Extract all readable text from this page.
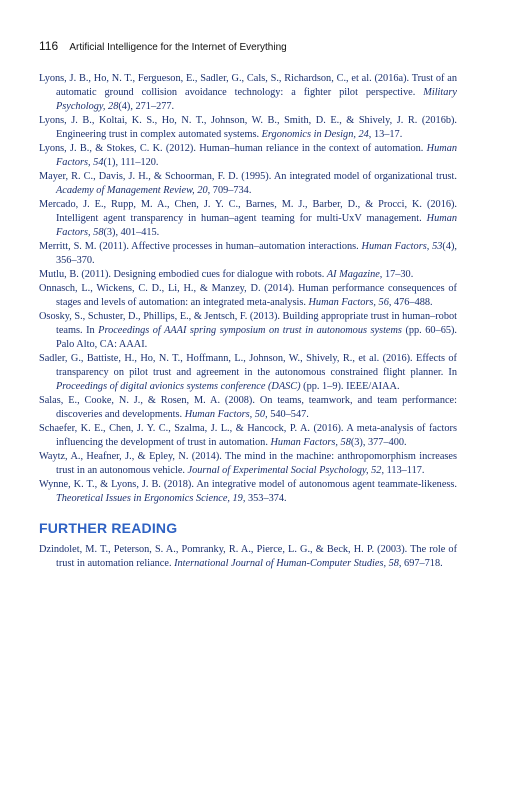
116 Artificial Intelligence for the Internet of Everything

Lyons, J. B., Ho, N. T., Fergueson, E., Sadler, G., Cals, S., Richardson, C., et al. (2016a). Trust of an automatic ground collision avoidance technology: a fighter pilot perspective. Military Psychology, 28(4), 271–277.

Lyons, J. B., Koltai, K. S., Ho, N. T., Johnson, W. B., Smith, D. E., & Shively, J. R. (2016b). Engineering trust in complex automated systems. Ergonomics in Design, 24, 13–17.

Lyons, J. B., & Stokes, C. K. (2012). Human–human reliance in the context of automation. Human Factors, 54(1), 111–120.

Mayer, R. C., Davis, J. H., & Schoorman, F. D. (1995). An integrated model of organizational trust. Academy of Management Review, 20, 709–734.

Mercado, J. E., Rupp, M. A., Chen, J. Y. C., Barnes, M. J., Barber, D., & Procci, K. (2016). Intelligent agent transparency in human–agent teaming for multi-UxV management. Human Factors, 58(3), 401–415.

Merritt, S. M. (2011). Affective processes in human–automation interactions. Human Factors, 53(4), 356–370.

Mutlu, B. (2011). Designing embodied cues for dialogue with robots. AI Magazine, 17–30.

Onnasch, L., Wickens, C. D., Li, H., & Manzey, D. (2014). Human performance consequences of stages and levels of automation: an integrated meta-analysis. Human Factors, 56, 476–488.

Ososky, S., Schuster, D., Phillips, E., & Jentsch, F. (2013). Building appropriate trust in human–robot teams. In Proceedings of AAAI spring symposium on trust in autonomous systems (pp. 60–65). Palo Alto, CA: AAAI.

Sadler, G., Battiste, H., Ho, N. T., Hoffmann, L., Johnson, W., Shively, R., et al. (2016). Effects of transparency on pilot trust and agreement in the autonomous constrained flight planner. In Proceedings of digital avionics systems conference (DASC) (pp. 1–9). IEEE/AIAA.

Salas, E., Cooke, N. J., & Rosen, M. A. (2008). On teams, teamwork, and team performance: discoveries and developments. Human Factors, 50, 540–547.

Schaefer, K. E., Chen, J. Y. C., Szalma, J. L., & Hancock, P. A. (2016). A meta-analysis of factors influencing the development of trust in automation. Human Factors, 58(3), 377–400.

Waytz, A., Heafner, J., & Epley, N. (2014). The mind in the machine: anthropomorphism increases trust in an autonomous vehicle. Journal of Experimental Social Psychology, 52, 113–117.

Wynne, K. T., & Lyons, J. B. (2018). An integrative model of autonomous agent teammate-likeness. Theoretical Issues in Ergonomics Science, 19, 353–374.

FURTHER READING

Dzindolet, M. T., Peterson, S. A., Pomranky, R. A., Pierce, L. G., & Beck, H. P. (2003). The role of trust in automation reliance. International Journal of Human-Computer Studies, 58, 697–718.
